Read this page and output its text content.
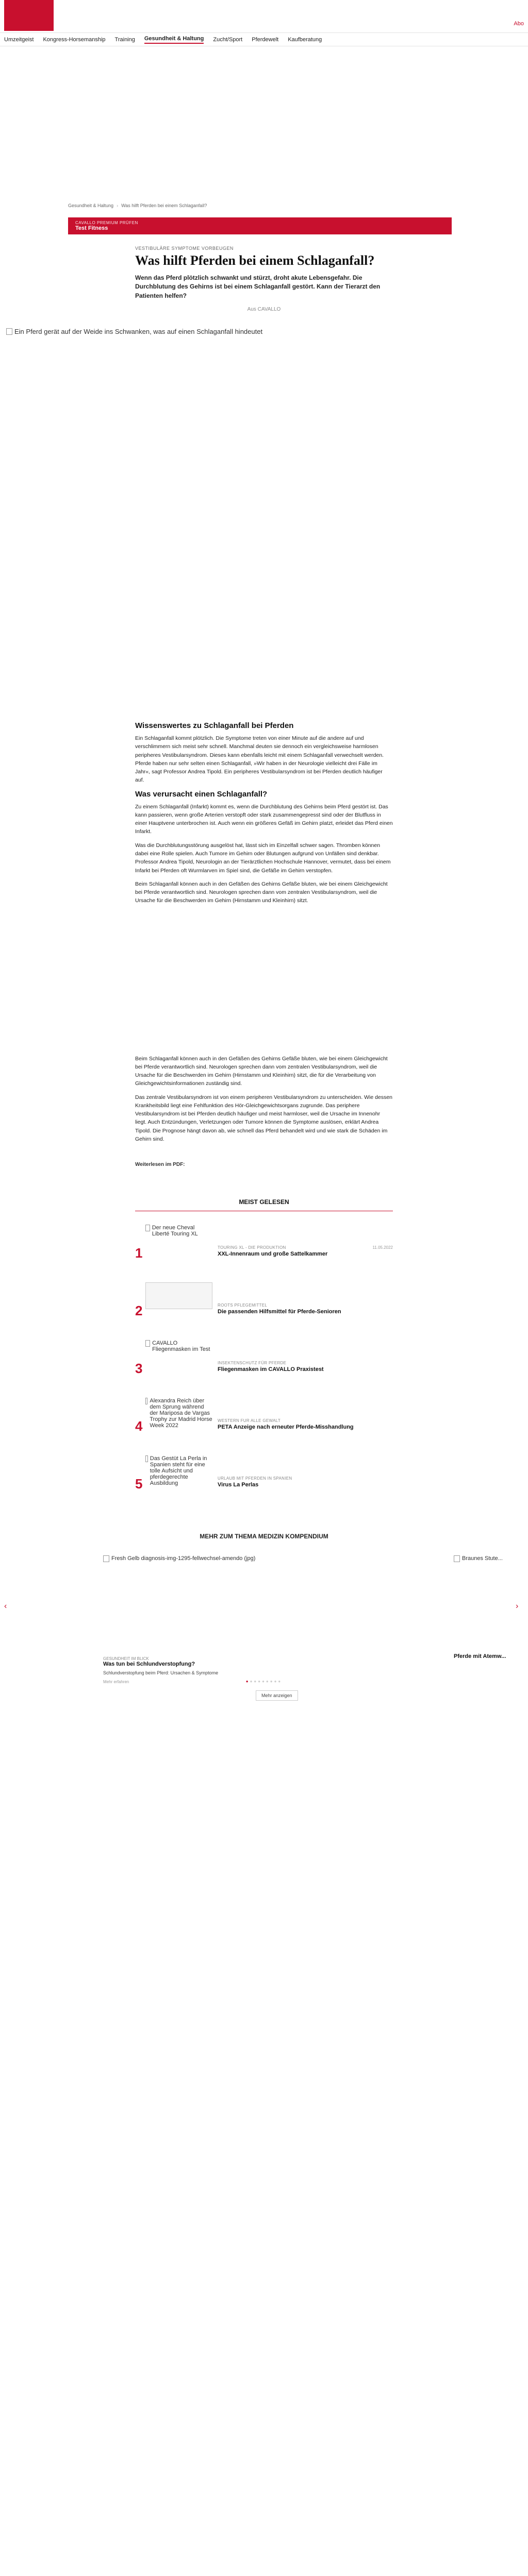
Abo
Umzeitgeist Kongress-Horsemanship Training Gesundheit & Haltung Zucht/Sport Pferdewelt Kaufberatung
Gesundheit & Haltung › Was hilft Pferden bei einem Schlaganfall?
CAVALLO PREMIUM PRÜFEN
Test Fitness
VESTIBULÄRE SYMPTOME VORBEUGEN
Was hilft Pferden bei einem Schlaganfall?

Wenn das Pferd plötzlich schwankt und stürzt, droht akute Lebensgefahr. Die Durchblutung des Gehirns ist bei einem Schlaganfall gestört. Kann der Tierarzt den Patienten helfen?

Aus CAVALLO
Ein Pferd gerät auf der Weide ins Schwanken, was auf einen Schlaganfall hindeutet
Wissenswertes zu Schlaganfall bei Pferden

Ein Schlaganfall kommt plötzlich. Die Symptome treten von einer Minute auf die andere auf und verschlimmern sich meist sehr schnell. Manchmal deuten sie dennoch ein vergleichsweise harmlosen peripheres Vestibularsyndrom. Dieses kann ebenfalls leicht mit einem Schlaganfall verwechselt werden. Pferde haben nur sehr selten einen Schlaganfall, »Wir haben in der Neurologie vielleicht drei Fälle im Jahr«, sagt Professor Andrea Tipold. Ein peripheres Vestibularsyndrom ist bei Pferden deutlich häufiger auf.

Was verursacht einen Schlaganfall?

Zu einem Schlaganfall (Infarkt) kommt es, wenn die Durchblutung des Gehirns beim Pferd gestört ist. Das kann passieren, wenn große Arterien verstopft oder stark zusammengepresst sind oder der Blutfluss in einer Hauptvene unterbrochen ist. Auch wenn ein größeres Gefäß im Gehirn platzt, erleidet das Pferd einen Infarkt.

Was die Durchblutungsstörung ausgelöst hat, lässt sich im Einzelfall schwer sagen. Thromben können dabei eine Rolle spielen. Auch Tumore im Gehirn oder Blutungen aufgrund von Unfällen sind denkbar. Professor Andrea Tipold, Neurologin an der Tierärztlichen Hochschule Hannover, vermutet, dass bei einem Infarkt bei Pferden oft Wurmlarven im Spiel sind, die Gefäße im Gehirn verstopfen.

Beim Schlaganfall können auch in den Gefäßen des Gehirns Gefäße bluten, wie bei einem Gleichgewicht bei Pferde verantwortlich sind. Neurologen sprechen dann vom zentralen Vestibularsyndrom, weil die Ursache für die Beschwerden im Gehirn (Hirnstamm und Kleinhirn) sitzt.

Beim Schlaganfall können auch in den Gefäßen des Gehirns Gefäße bluten, wie bei einem Gleichgewicht bei Pferde verantwortlich sind. Neurologen sprechen dann vom zentralen Vestibularsyndrom, weil die Ursache für die Beschwerden im Gehirn (Hirnstamm und Kleinhirn) sitzt, die für die Verarbeitung von Gleichgewichtsinformationen zuständig sind.

Das zentrale Vestibularsyndrom ist von einem peripheren Vestibularsyndrom zu unterscheiden. Wie dessen Krankheitsbild liegt eine Fehlfunktion des Hör-Gleichgewichtsorgans zugrunde. Das periphere Vestibularsyndrom ist bei Pferden deutlich häufiger und meist harmloser, weil die Ursache im Innenohr liegt. Auch Entzündungen, Verletzungen oder Tumore können die Symptome auslösen, erklärt Andrea Tipold. Die Prognose hängt davon ab, wie schnell das Pferd behandelt wird und wie stark die Schäden im Gehirn sind.

Weiterlesen im PDF:
MEIST GELESEN
1
Der neue Cheval Liberté Touring XL
TOURING XL - DIE PRODUKTION
XXL-Innenraum und große Sattelkammer
11.05.2022
2	ROOTS PFLEGEMITTEL
Die passenden Hilfsmittel für Pferde-Senioren
3
CAVALLO Fliegenmasken im Test
INSEKTENSCHUTZ FÜR PFERDE
Fliegenmasken im CAVALLO Praxistest
4
Alexandra Reich über dem Sprung während der Mariposa de Vargas Trophy zur Madrid Horse Week 2022
WESTERN FUR ALLE GEWALT
PETA Anzeige nach erneuter Pferde-Misshandlung
5
Das Gestüt La Perla in Spanien steht für eine tolle Aufsicht und pferdegerechte Ausbildung
URLAUB MIT PFERDEN IN SPANIEN
Virus La Perlas
MEHR ZUM THEMA MEDIZIN KOMPENDIUM
Fresh Gelb diagnosis-img-1295-fellwechsel-amendo (jpg)
GESUNDHEIT IM BLICK
Was tun bei Schlundverstopfung?
Schlundverstopfung beim Pferd: Ursachen & Symptome
Mehr erfahren
Braunes Stute...
Pferde mit Atemw...
‹	›
●●●●●●●●●
Mehr anzeigen
